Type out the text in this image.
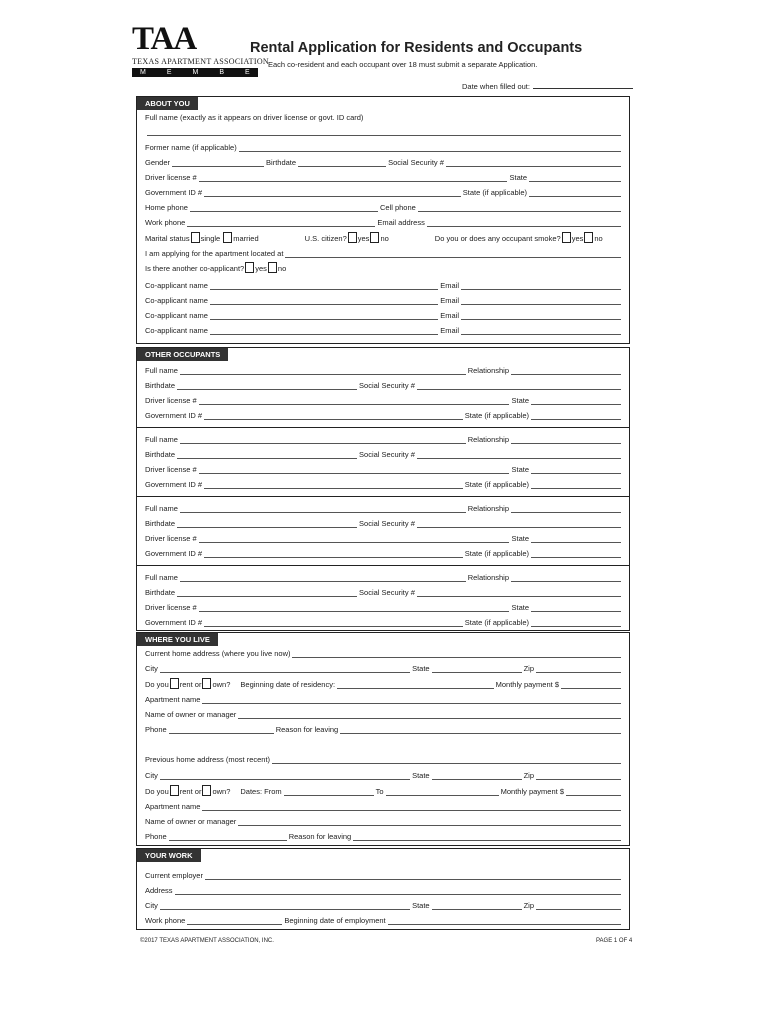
TAA
TEXAS APARTMENT ASSOCIATION
MEMBER
Rental Application for Residents and Occupants
Each co-resident and each occupant over 18 must submit a separate Application.
Date when filled out:
ABOUT YOU
Full name (exactly as it appears on driver license or govt. ID card)
Former name (if applicable)
Gender	Birthdate	Social Security #
Driver license #	State
Government ID #	State (if applicable)
Home phone	Cell phone
Work phone	Email address
Marital status single married	U.S. citizen? yes no	Do you or does any occupant smoke? yes no
I am applying for the apartment located at
Is there another co-applicant? yes no
Co-applicant name	Email
Co-applicant name	Email
Co-applicant name	Email
Co-applicant name	Email
OTHER OCCUPANTS
Full name	Relationship
Birthdate	Social Security #
Driver license #	State
Government ID #	State (if applicable)
Full name	Relationship
Birthdate	Social Security #
Driver license #	State
Government ID #	State (if applicable)
Full name	Relationship
Birthdate	Social Security #
Driver license #	State
Government ID #	State (if applicable)
Full name	Relationship
Birthdate	Social Security #
Driver license #	State
Government ID #	State (if applicable)
WHERE YOU LIVE
Current home address (where you live now)
City	State	Zip
Do you rent or own? Beginning date of residency:	Monthly payment $
Apartment name
Name of owner or manager
Phone	Reason for leaving
Previous home address (most recent)
City	State	Zip
Do you rent or own? Dates: From	To	Monthly payment $
Apartment name
Name of owner or manager
Phone	Reason for leaving
YOUR WORK
Current employer
Address
City	State	Zip
Work phone	Beginning date of employment
©2017 TEXAS APARTMENT ASSOCIATION, INC.	PAGE 1 OF 4
